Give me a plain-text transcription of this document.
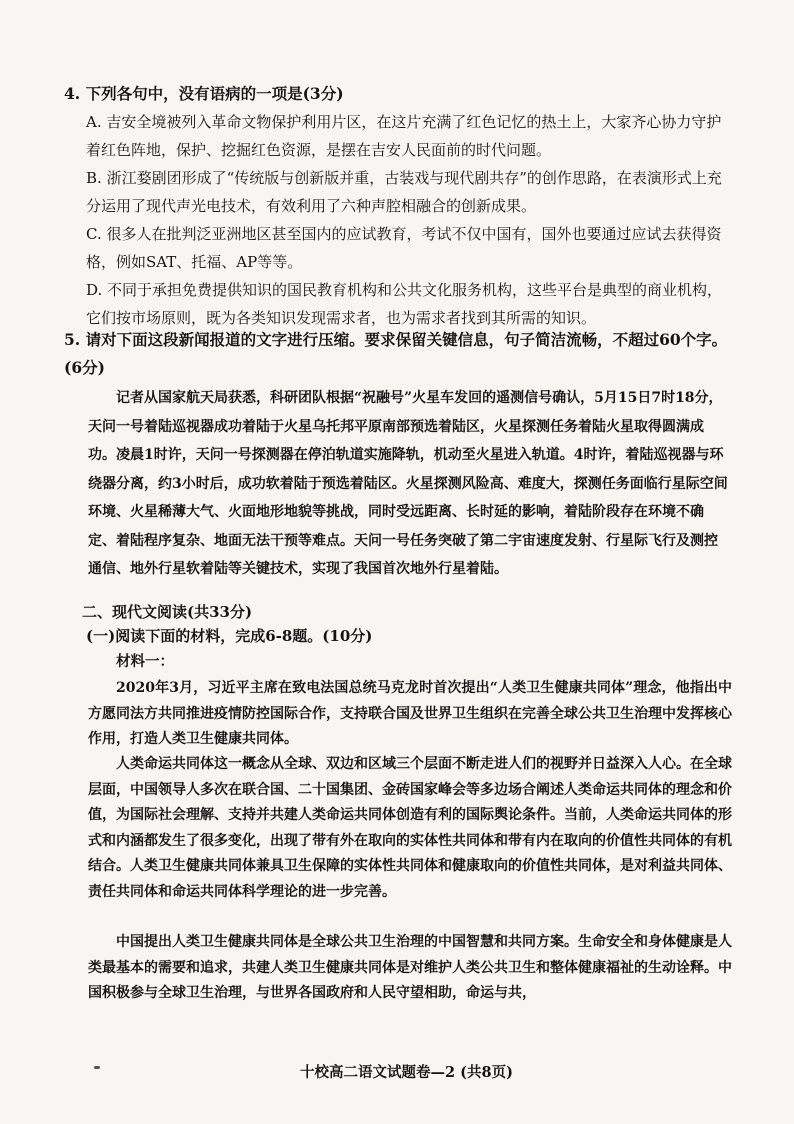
4. 下列各句中，没有语病的一项是(3分)
A. 吉安全境被列入革命文物保护利用片区，在这片充满了红色记忆的热土上，大家齐心协力守护着红色阵地，保护、挖掘红色资源，是摆在吉安人民面前的时代问题。
B. 浙江婺剧团形成了“传统版与创新版并重，古装戏与现代剧共存”的创作思路，在表演形式上充分运用了现代声光电技术，有效利用了六种声腔相融合的创新成果。
C. 很多人在批判泛亚洲地区甚至国内的应试教育，考试不仅中国有，国外也要通过应试去获得资格，例如SAT、托福、AP等等。
D. 不同于承担免费提供知识的国民教育机构和公共文化服务机构，这些平台是典型的商业机构，它们按市场原则，既为各类知识发现需求者，也为需求者找到其所需的知识。
5. 请对下面这段新闻报道的文字进行压缩。要求保留关键信息，句子简洁流畅，不超过60个字。(6分)
记者从国家航天局获悉，科研团队根据“祝融号”火星车发回的遥测信号确认，5月15日7时18分，天问一号着陆巡视器成功着陆于火星乌托邦平原南部预选着陆区，火星探测任务着陆火星取得圆满成功。凌晨1时许，天问一号探测器在停泊轨道实施降轨，机动至火星进入轨道。4时许，着陆巡视器与环绕器分离，约3小时后，成功软着陆于预选着陆区。火星探测风险高、难度大，探测任务面临行星际空间环境、火星稀薄大气、火面地形地貌等挑战，同时受远距离、长时延的影响，着陆阶段存在环境不确定、着陆程序复杂、地面无法干预等难点。天问一号任务突破了第二宇宙速度发射、行星际飞行及测控通信、地外行星软着陆等关键技术，实现了我国首次地外行星着陆。
二、现代文阅读(共33分)
(一)阅读下面的材料，完成6-8题。(10分)
材料一：
2020年3月，习近平主席在致电法国总统马克龙时首次提出“人类卫生健康共同体”理念，他指出中方愿同法方共同推进疫情防控国际合作，支持联合国及世界卫生组织在完善全球公共卫生治理中发挥核心作用，打造人类卫生健康共同体。
人类命运共同体这一概念从全球、双边和区域三个层面不断走进人们的视野并日益深入人心。在全球层面，中国领导人多次在联合国、二十国集团、金砖国家峰会等多边场合阐述人类命运共同体的理念和价值，为国际社会理解、支持并共建人类命运共同体创造有利的国际舆论条件。当前，人类命运共同体的形式和内涵都发生了很多变化，出现了带有外在取向的实体性共同体和带有内在取向的价值性共同体的有机结合。人类卫生健康共同体兼具卫生保障的实体性共同体和健康取向的价值性共同体，是对利益共同体、责任共同体和命运共同体科学理论的进一步完善。
中国提出人类卫生健康共同体是全球公共卫生治理的中国智慧和共同方案。生命安全和身体健康是人类最基本的需要和追求，共建人类卫生健康共同体是对维护人类公共卫生和整体健康福祉的生动诠释。中国积极参与全球卫生治理，与世界各国政府和人民守望相助，命运与共，
十校高二语文试题卷—2 (共8页)
